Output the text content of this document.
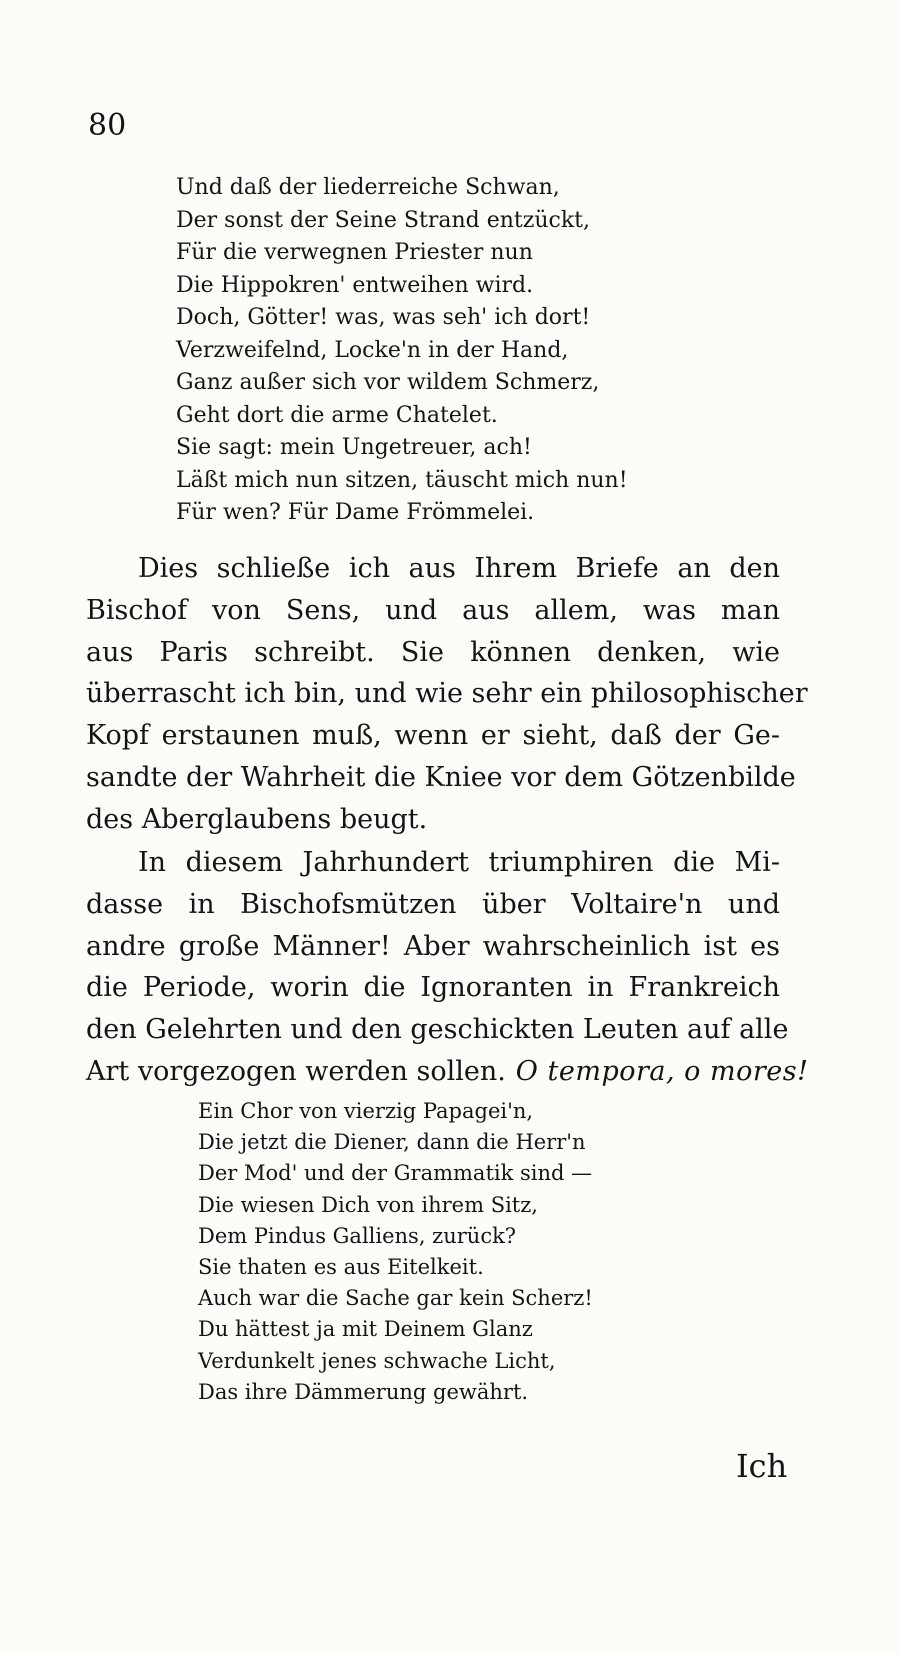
80
Und daß der liederreiche Schwan,
Der sonst der Seine Strand entzückt,
Für die verwegnen Priester nun
Die Hippokren' entweihen wird.
Doch, Götter! was, was seh' ich dort!
Verzweifelnd, Locke'n in der Hand,
Ganz außer sich vor wildem Schmerz,
Geht dort die arme Chatelet.
Sie sagt: mein Ungetreuer, ach!
Läßt mich nun sitzen, täuscht mich nun!
Für wen? Für Dame Frömmelei.
Dies schließe ich aus Ihrem Briefe an den
Bischof von Sens, und aus allem, was man
aus Paris schreibt. Sie können denken, wie
überrascht ich bin, und wie sehr ein philosophischer
Kopf erstaunen muß, wenn er sieht, daß der Ge-
sandte der Wahrheit die Kniee vor dem Götzenbilde
des Aberglaubens beugt.
In diesem Jahrhundert triumphiren die Mi-
dasse in Bischofsmützen über Voltaire'n und
andre große Männer! Aber wahrscheinlich ist es
die Periode, worin die Ignoranten in Frankreich
den Gelehrten und den geschickten Leuten auf alle
Art vorgezogen werden sollen. O tempora, o mores!
Ein Chor von vierzig Papagei'n,
Die jetzt die Diener, dann die Herr'n
Der Mod' und der Grammatik sind —
Die wiesen Dich von ihrem Sitz,
Dem Pindus Galliens, zurück?
Sie thaten es aus Eitelkeit.
Auch war die Sache gar kein Scherz!
Du hättest ja mit Deinem Glanz
Verdunkelt jenes schwache Licht,
Das ihre Dämmerung gewährt.
Ich
